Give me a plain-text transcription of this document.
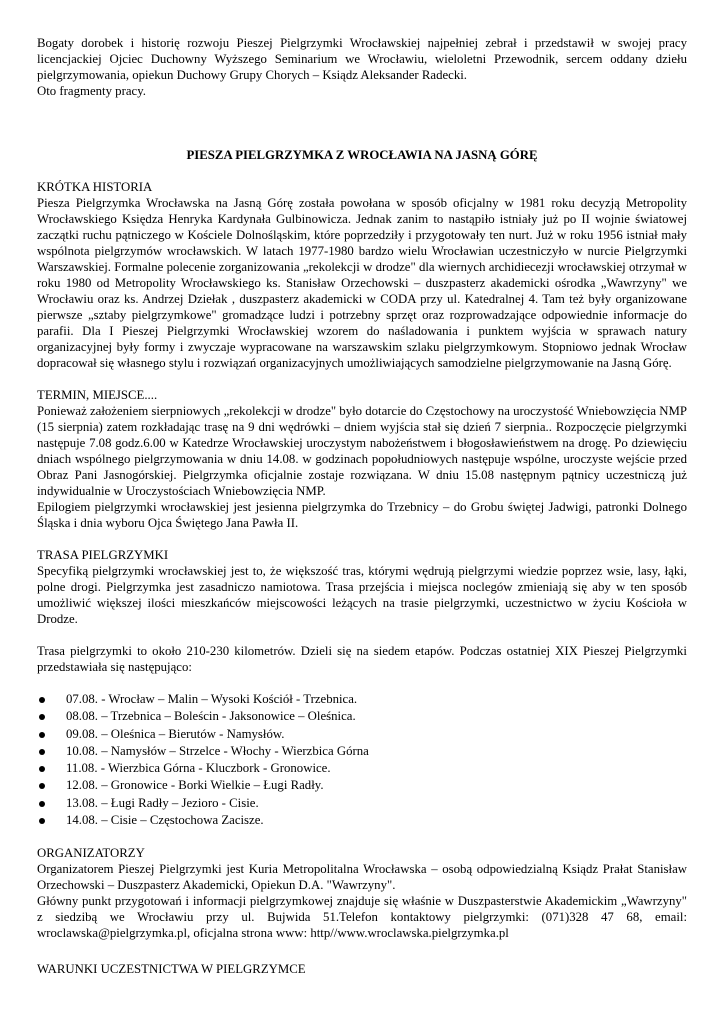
Bogaty dorobek i historię rozwoju Pieszej Pielgrzymki Wrocławskiej najpełniej zebrał i przedstawił w swojej pracy licencjackiej Ojciec Duchowny Wyższego Seminarium we Wrocławiu, wieloletni Przewodnik, sercem oddany dziełu pielgrzymowania, opiekun Duchowy Grupy Chorych – Ksiądz Aleksander Radecki.

Oto fragmenty pracy.

PIESZA PIELGRZYMKA Z WROCŁAWIA NA JASNĄ GÓRĘ

KRÓTKA HISTORIA

Piesza Pielgrzymka Wrocławska na Jasną Górę została powołana w sposób oficjalny w 1981 roku decyzją Metropolity Wrocławskiego Księdza Henryka Kardynała Gulbinowicza. Jednak zanim to nastąpiło istniały już po II wojnie światowej zaczątki ruchu pątniczego w Kościele Dolnośląskim, które poprzedziły i przygotowały ten nurt. Już w roku 1956 istniał mały wspólnota pielgrzymów wrocławskich. W latach 1977-1980 bardzo wielu Wrocławian uczestniczyło w nurcie Pielgrzymki Warszawskiej. Formalne polecenie zorganizowania „rekolekcji w drodze" dla wiernych archidiecezji wrocławskiej otrzymał w roku 1980 od Metropolity Wrocławskiego ks. Stanisław Orzechowski – duszpasterz akademicki ośrodka „Wawrzyny" we Wrocławiu oraz ks. Andrzej Dziełak , duszpasterz akademicki w CODA przy ul. Katedralnej 4. Tam też były organizowane pierwsze „sztaby pielgrzymkowe" gromadzące ludzi i potrzebny sprzęt oraz rozprowadzające odpowiednie informacje do parafii. Dla I Pieszej Pielgrzymki Wrocławskiej wzorem do naśladowania i punktem wyjścia w sprawach natury organizacyjnej były formy i zwyczaje wypracowane na warszawskim szlaku pielgrzymkowym. Stopniowo jednak Wrocław dopracował się własnego stylu i rozwiązań organizacyjnych umożliwiających samodzielne pielgrzymowanie na Jasną Górę.

TERMIN, MIEJSCE....

Ponieważ założeniem sierpniowych „rekolekcji w drodze" było dotarcie do Częstochowy na uroczystość Wniebowzięcia NMP (15 sierpnia) zatem rozkładając trasę na 9 dni wędrówki – dniem wyjścia stał się dzień 7 sierpnia.. Rozpoczęcie pielgrzymki następuje 7.08 godz.6.00 w Katedrze Wrocławskiej uroczystym nabożeństwem i błogosławieństwem na drogę. Po dziewięciu dniach wspólnego pielgrzymowania w dniu 14.08. w godzinach popołudniowych następuje wspólne, uroczyste wejście przed Obraz Pani Jasnogórskiej. Pielgrzymka oficjalnie zostaje rozwiązana. W dniu 15.08 następnym pątnicy uczestniczą już indywidualnie w Uroczystościach Wniebowzięcia NMP.

Epilogiem pielgrzymki wrocławskiej jest jesienna pielgrzymka do Trzebnicy – do Grobu świętej Jadwigi, patronki Dolnego Śląska i dnia wyboru Ojca Świętego Jana Pawła II.

TRASA PIELGRZYMKI

Specyfiką pielgrzymki wrocławskiej jest to, że większość tras, którymi wędrują pielgrzymi wiedzie poprzez wsie, lasy, łąki, polne drogi. Pielgrzymka jest zasadniczo namiotowa. Trasa przejścia i miejsca noclegów zmieniają się aby w ten sposób umożliwić większej ilości mieszkańców miejscowości leżących na trasie pielgrzymki, uczestnictwo w życiu Kościoła w Drodze.

Trasa pielgrzymki to około 210-230 kilometrów. Dzieli się na siedem etapów. Podczas ostatniej XIX Pieszej Pielgrzymki przedstawiała się następująco:

07.08. - Wrocław – Malin – Wysoki Kościół - Trzebnica.
08.08. – Trzebnica – Boleścin - Jaksonowice – Oleśnica.
09.08. – Oleśnica – Bierutów - Namysłów.
10.08. – Namysłów – Strzelce - Włochy - Wierzbica Górna
11.08. - Wierzbica Górna - Kluczbork - Gronowice.
12.08. – Gronowice - Borki Wielkie – Ługi Radły.
13.08. – Ługi Radły – Jezioro - Cisie.
14.08. – Cisie – Częstochowa Zacisze.
ORGANIZATORZY

Organizatorem Pieszej Pielgrzymki jest Kuria Metropolitalna Wrocławska – osobą odpowiedzialną Ksiądz Prałat Stanisław Orzechowski – Duszpasterz Akademicki, Opiekun D.A. "Wawrzyny".

Główny punkt przygotowań i informacji pielgrzymkowej znajduje się właśnie w Duszpasterstwie Akademickim „Wawrzyny" z siedzibą we Wrocławiu przy ul. Bujwida 51.Telefon kontaktowy pielgrzymki: (071)328 47 68, email: wroclawska@pielgrzymka.pl, oficjalna strona www: http//www.wroclawska.pielgrzymka.pl

WARUNKI UCZESTNICTWA W PIELGRZYMCE
